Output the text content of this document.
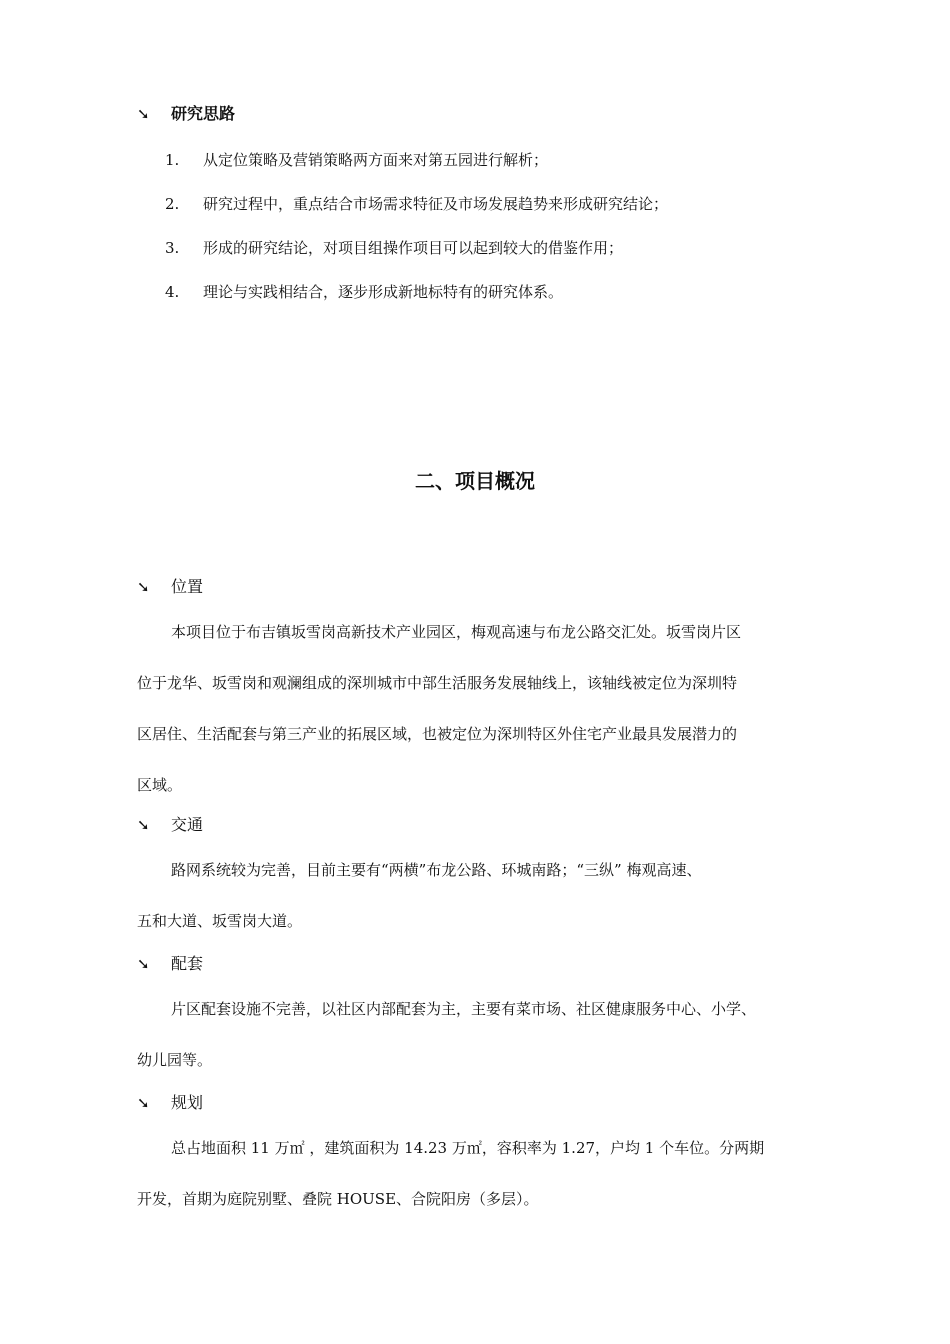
➘ 研究思路
1. 从定位策略及营销策略两方面来对第五园进行解析；
2. 研究过程中，重点结合市场需求特征及市场发展趋势来形成研究结论；
3. 形成的研究结论，对项目组操作项目可以起到较大的借鉴作用；
4. 理论与实践相结合，逐步形成新地标特有的研究体系。
二、项目概况
➘ 位置
本项目位于布吉镇坂雪岗高新技术产业园区，梅观高速与布龙公路交汇处。坂雪岗片区
位于龙华、坂雪岗和观澜组成的深圳城市中部生活服务发展轴线上，该轴线被定位为深圳特
区居住、生活配套与第三产业的拓展区域，也被定位为深圳特区外住宅产业最具发展潜力的
区域。
➘ 交通
路网系统较为完善，目前主要有“两横”布龙公路、环城南路；“三纵” 梅观高速、
五和大道、坂雪岗大道。
➘ 配套
片区配套设施不完善，以社区内部配套为主，主要有菜市场、社区健康服务中心、小学、
幼儿园等。
➘ 规划
总占地面积 11 万㎡ ，建筑面积为 14.23 万㎡，容积率为 1.27，户均 1 个车位。分两期
开发，首期为庭院别墅、叠院 HOUSE、合院阳房（多层）。
